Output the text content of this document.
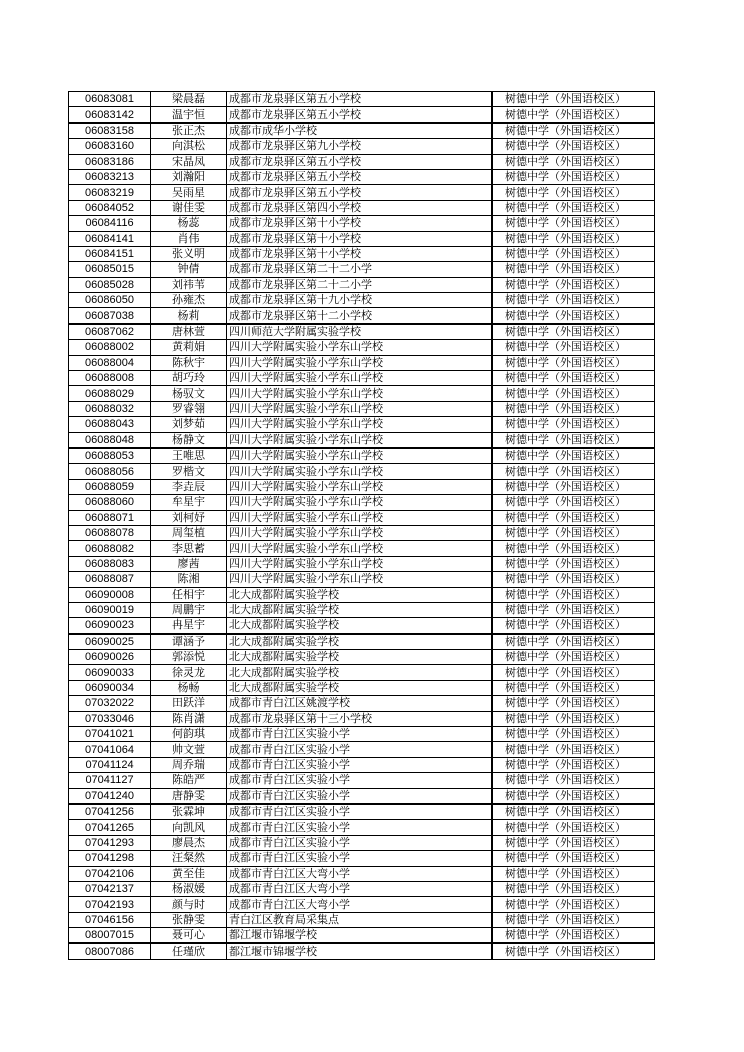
06083081	梁晨磊	成都市龙泉驿区第五小学校		树德中学（外国语校区）
06083142	温宇恒	成都市龙泉驿区第五小学校		树德中学（外国语校区）
06083158	张正杰	成都市成华小学校		树德中学（外国语校区）
06083160	向淇松	成都市龙泉驿区第九小学校		树德中学（外国语校区）
06083186	宋晶凤	成都市龙泉驿区第五小学校		树德中学（外国语校区）
06083213	刘瀚阳	成都市龙泉驿区第五小学校		树德中学（外国语校区）
06083219	吴雨星	成都市龙泉驿区第五小学校		树德中学（外国语校区）
06084052	谢佳雯	成都市龙泉驿区第四小学校		树德中学（外国语校区）
06084116	杨蕊	成都市龙泉驿区第十小学校		树德中学（外国语校区）
06084141	肖伟	成都市龙泉驿区第十小学校		树德中学（外国语校区）
06084151	张义明	成都市龙泉驿区第十小学校		树德中学（外国语校区）
06085015	钟倩	成都市龙泉驿区第二十二小学		树德中学（外国语校区）
06085028	刘祎苇	成都市龙泉驿区第二十二小学		树德中学（外国语校区）
06086050	孙雍杰	成都市龙泉驿区第十九小学校		树德中学（外国语校区）
06087038	杨莉	成都市龙泉驿区第十二小学校		树德中学（外国语校区）
06087062	唐林萱	四川师范大学附属实验学校		树德中学（外国语校区）
06088002	黄莉娟	四川大学附属实验小学东山学校		树德中学（外国语校区）
06088004	陈秋宇	四川大学附属实验小学东山学校		树德中学（外国语校区）
06088008	胡巧玲	四川大学附属实验小学东山学校		树德中学（外国语校区）
06088029	杨驭文	四川大学附属实验小学东山学校		树德中学（外国语校区）
06088032	罗睿翎	四川大学附属实验小学东山学校		树德中学（外国语校区）
06088043	刘梦茹	四川大学附属实验小学东山学校		树德中学（外国语校区）
06088048	杨静文	四川大学附属实验小学东山学校		树德中学（外国语校区）
06088053	王唯思	四川大学附属实验小学东山学校		树德中学（外国语校区）
06088056	罗楷文	四川大学附属实验小学东山学校		树德中学（外国语校区）
06088059	李垚辰	四川大学附属实验小学东山学校		树德中学（外国语校区）
06088060	牟星宇	四川大学附属实验小学东山学校		树德中学（外国语校区）
06088071	刘柯妤	四川大学附属实验小学东山学校		树德中学（外国语校区）
06088078	周玺植	四川大学附属实验小学东山学校		树德中学（外国语校区）
06088082	李思蓄	四川大学附属实验小学东山学校		树德中学（外国语校区）
06088083	廖茜	四川大学附属实验小学东山学校		树德中学（外国语校区）
06088087	陈湘	四川大学附属实验小学东山学校		树德中学（外国语校区）
06090008	任相宇	北大成都附属实验学校		树德中学（外国语校区）
06090019	周鹏宇	北大成都附属实验学校		树德中学（外国语校区）
06090023	冉星宇	北大成都附属实验学校		树德中学（外国语校区）
06090025	谭涵予	北大成都附属实验学校		树德中学（外国语校区）
06090026	郭添悦	北大成都附属实验学校		树德中学（外国语校区）
06090033	徐灵龙	北大成都附属实验学校		树德中学（外国语校区）
06090034	杨畅	北大成都附属实验学校		树德中学（外国语校区）
07032022	田跃洋	成都市青白江区姚渡学校		树德中学（外国语校区）
07033046	陈肖潇	成都市龙泉驿区第十三小学校		树德中学（外国语校区）
07041021	何韵琪	成都市青白江区实验小学		树德中学（外国语校区）
07041064	帅文萱	成都市青白江区实验小学		树德中学（外国语校区）
07041124	周乔瑞	成都市青白江区实验小学		树德中学（外国语校区）
07041127	陈皓严	成都市青白江区实验小学		树德中学（外国语校区）
07041240	唐静雯	成都市青白江区实验小学		树德中学（外国语校区）
07041256	张霖坤	成都市青白江区实验小学		树德中学（外国语校区）
07041265	向凯风	成都市青白江区实验小学		树德中学（外国语校区）
07041293	廖晨杰	成都市青白江区实验小学		树德中学（外国语校区）
07041298	汪粲然	成都市青白江区实验小学		树德中学（外国语校区）
07042106	黄至佳	成都市青白江区大弯小学		树德中学（外国语校区）
07042137	杨淑媛	成都市青白江区大弯小学		树德中学（外国语校区）
07042193	颜与时	成都市青白江区大弯小学		树德中学（外国语校区）
07046156	张静雯	青白江区教育局采集点		树德中学（外国语校区）
08007015	聂可心	都江堰市锦堰学校		树德中学（外国语校区）
08007086	任瑾欣	都江堰市锦堰学校		树德中学（外国语校区）
